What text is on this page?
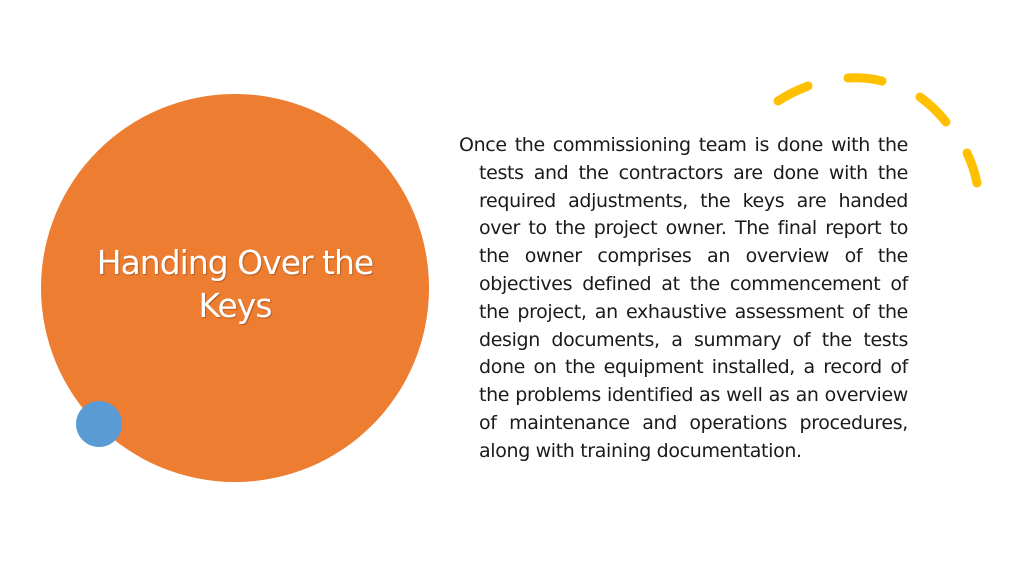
Handing Over the Keys

Once the commissioning team is done with the tests and the contractors are done with the required adjustments, the keys are handed over to the project owner. The final report to the owner comprises an overview of the objectives defined at the commencement of the project, an exhaustive assessment of the design documents, a summary of the tests done on the equipment installed, a record of the problems identified as well as an overview of maintenance and operations procedures, along with training documentation.
